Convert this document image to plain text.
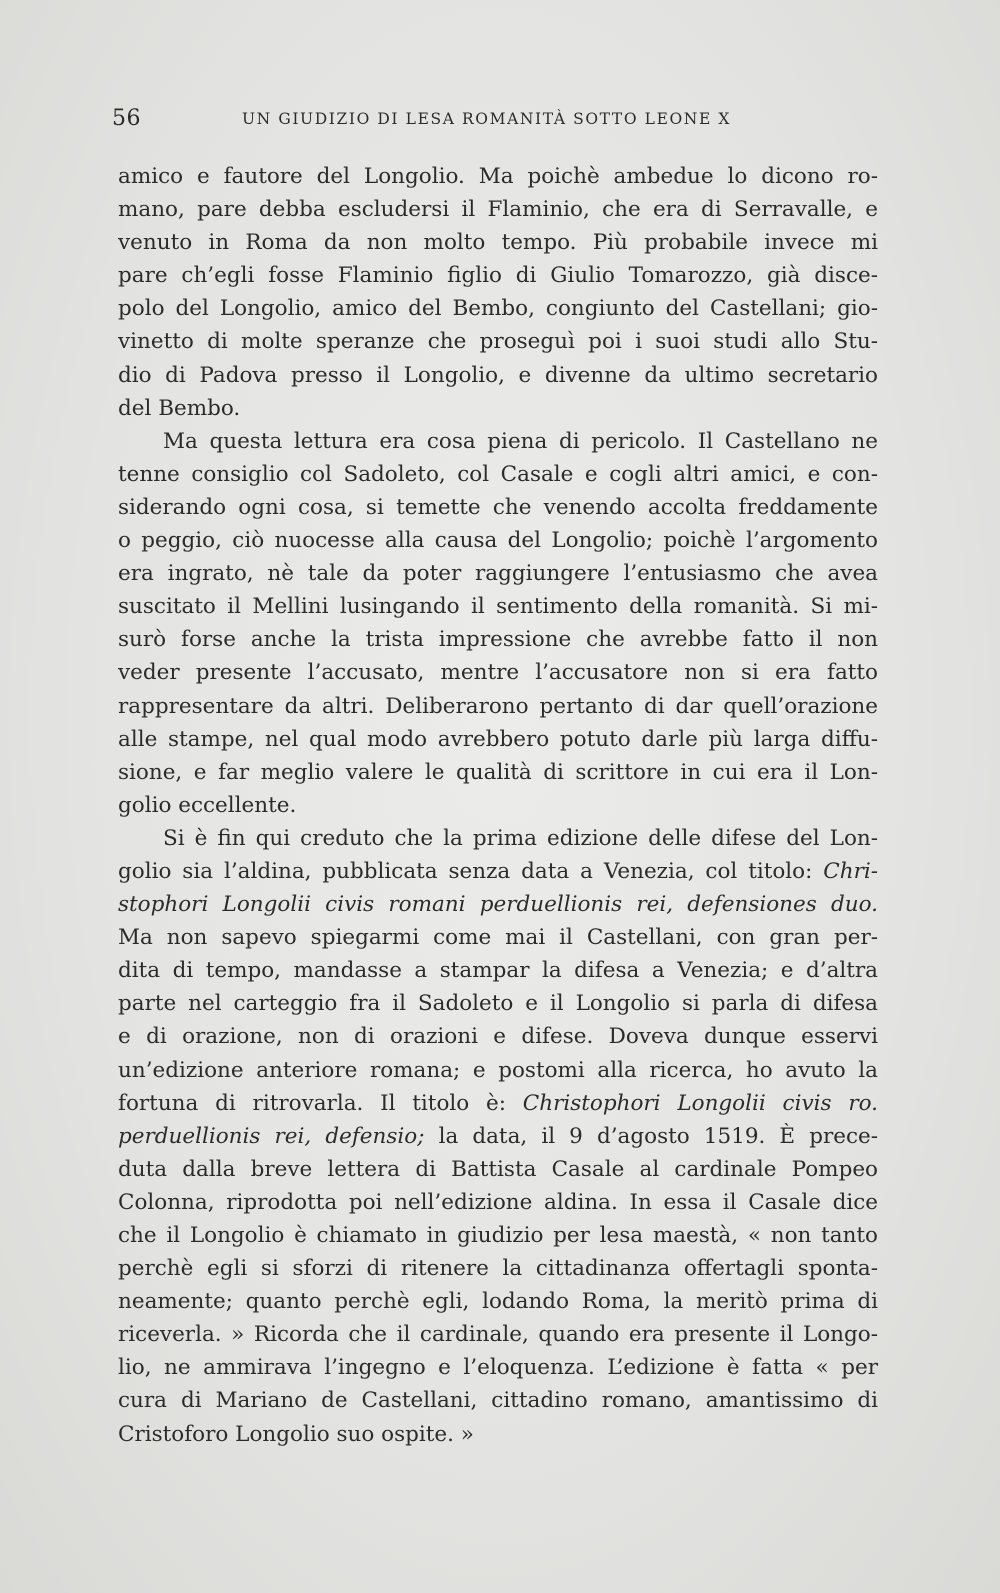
56	UN GIUDIZIO DI LESA ROMANITÀ SOTTO LEONE X
amico e fautore del Longolio. Ma poichè ambedue lo dicono ro-
mano, pare debba escludersi il Flaminio, che era di Serravalle, e
venuto in Roma da non molto tempo. Più probabile invece mi
pare ch’egli fosse Flaminio figlio di Giulio Tomarozzo, già disce-
polo del Longolio, amico del Bembo, congiunto del Castellani; gio-
vinetto di molte speranze che proseguì poi i suoi studi allo Stu-
dio di Padova presso il Longolio, e divenne da ultimo secretario
del Bembo.
Ma questa lettura era cosa piena di pericolo. Il Castellano ne
tenne consiglio col Sadoleto, col Casale e cogli altri amici, e con-
siderando ogni cosa, si temette che venendo accolta freddamente
o peggio, ciò nuocesse alla causa del Longolio; poichè l’argomento
era ingrato, nè tale da poter raggiungere l’entusiasmo che avea
suscitato il Mellini lusingando il sentimento della romanità. Si mi-
surò forse anche la trista impressione che avrebbe fatto il non
veder presente l’accusato, mentre l’accusatore non si era fatto
rappresentare da altri. Deliberarono pertanto di dar quell’orazione
alle stampe, nel qual modo avrebbero potuto darle più larga diffu-
sione, e far meglio valere le qualità di scrittore in cui era il Lon-
golio eccellente.
Si è fin qui creduto che la prima edizione delle difese del Lon-
golio sia l’aldina, pubblicata senza data a Venezia, col titolo: Chri-
stophori Longolii civis romani perduellionis rei, defensiones duo.
Ma non sapevo spiegarmi come mai il Castellani, con gran per-
dita di tempo, mandasse a stampar la difesa a Venezia; e d’altra
parte nel carteggio fra il Sadoleto e il Longolio si parla di difesa
e di orazione, non di orazioni e difese. Doveva dunque esservi
un’edizione anteriore romana; e postomi alla ricerca, ho avuto la
fortuna di ritrovarla. Il titolo è: Christophori Longolii civis ro.
perduellionis rei, defensio; la data, il 9 d’agosto 1519. È prece-
duta dalla breve lettera di Battista Casale al cardinale Pompeo
Colonna, riprodotta poi nell’edizione aldina. In essa il Casale dice
che il Longolio è chiamato in giudizio per lesa maestà, « non tanto
perchè egli si sforzi di ritenere la cittadinanza offertagli sponta-
neamente; quanto perchè egli, lodando Roma, la meritò prima di
riceverla. » Ricorda che il cardinale, quando era presente il Longo-
lio, ne ammirava l’ingegno e l’eloquenza. L’edizione è fatta « per
cura di Mariano de Castellani, cittadino romano, amantissimo di
Cristoforo Longolio suo ospite. »
